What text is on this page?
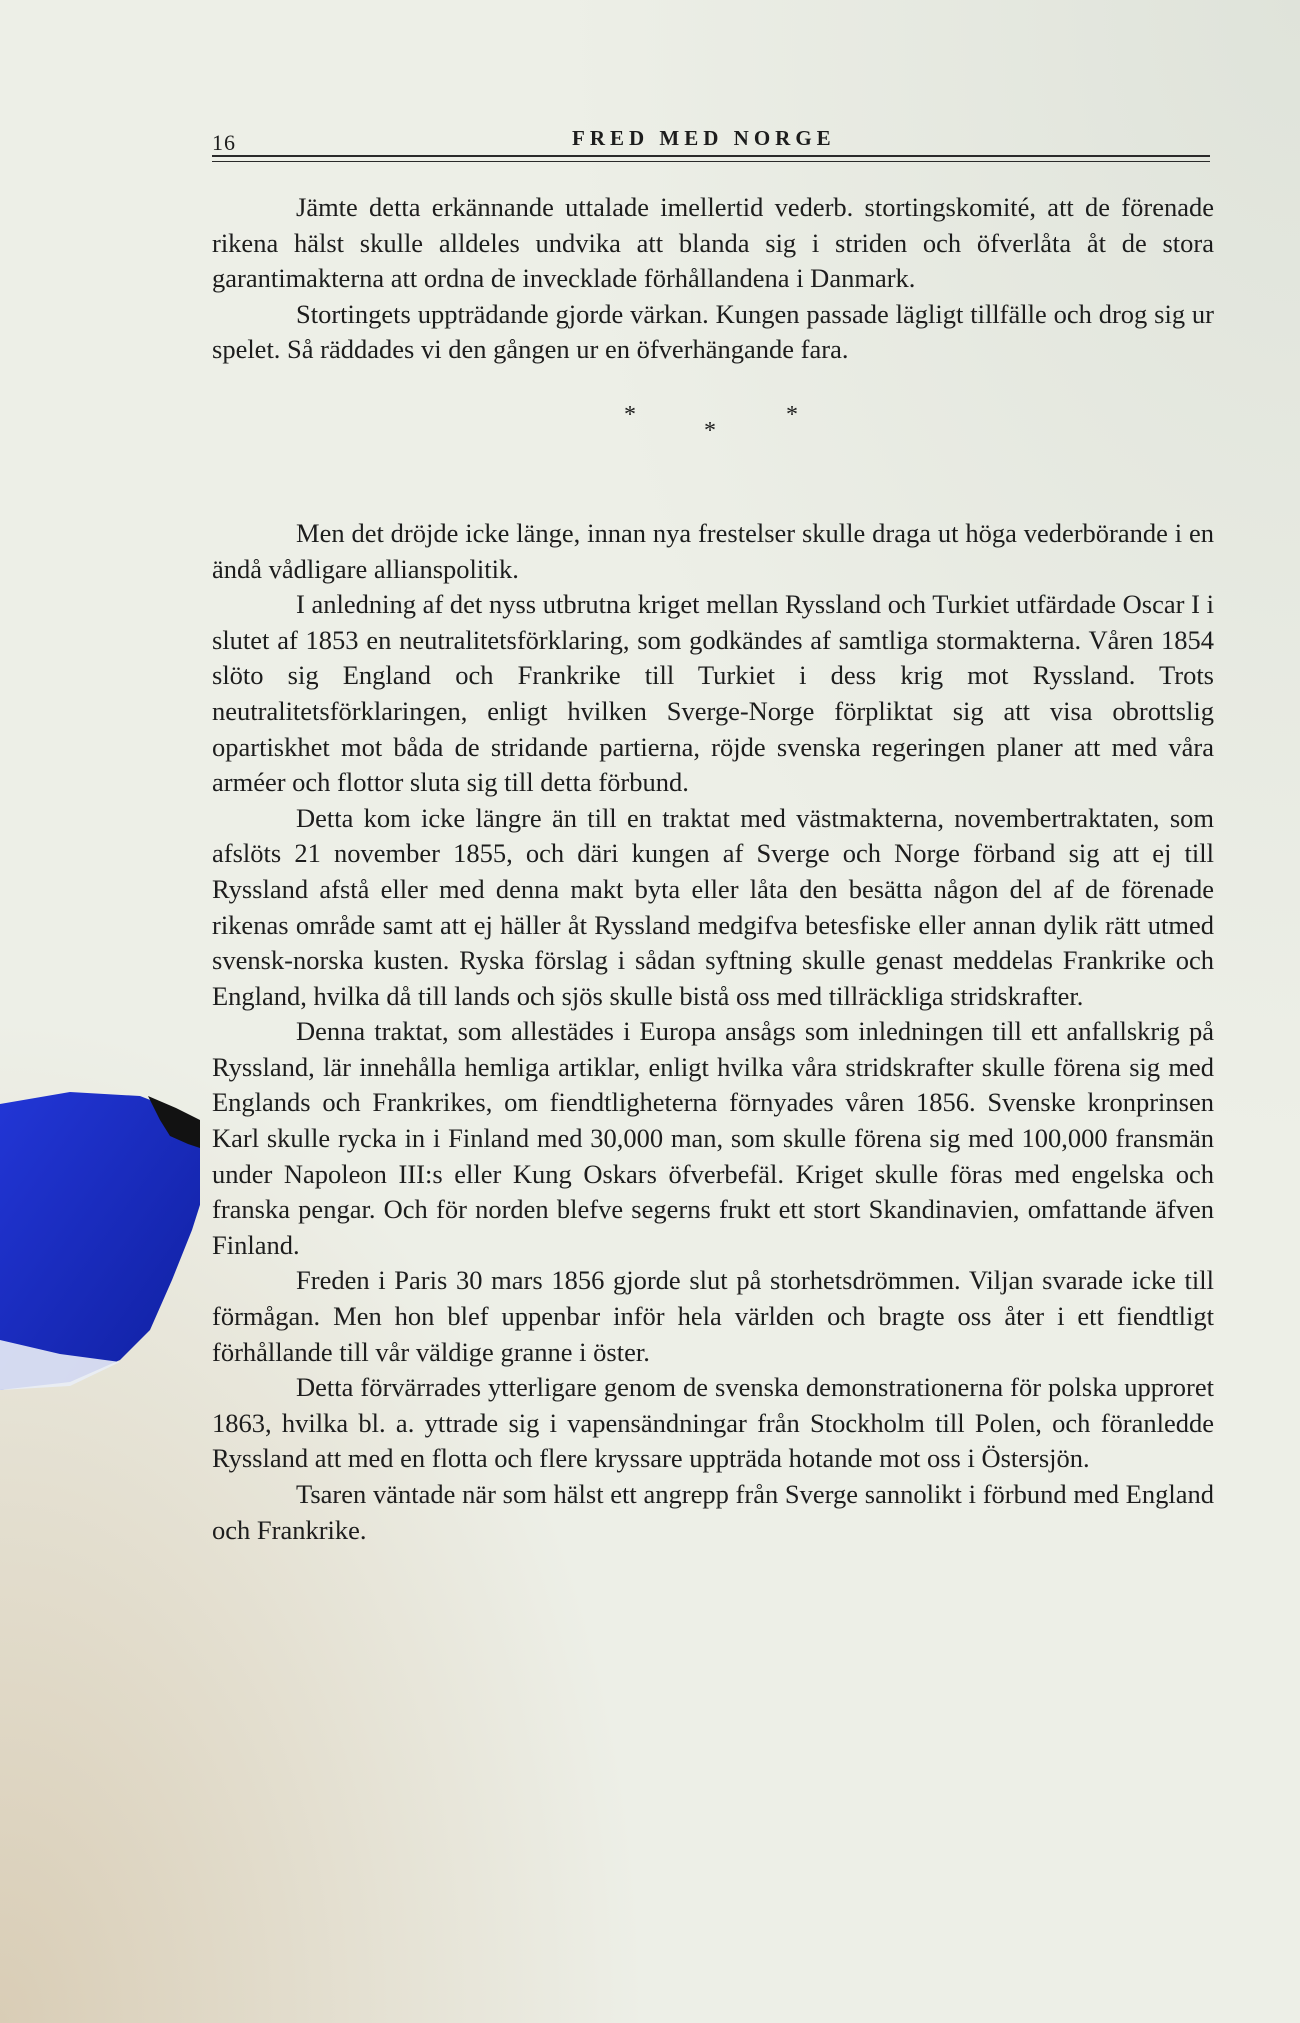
16	FRED MED NORGE

Jämte detta erkännande uttalade imellertid vederb. stortingskomité, att de förenade rikena hälst skulle alldeles undvika att blanda sig i striden och öfverlåta åt de stora garantimakterna att ordna de invecklade förhållandena i Danmark.

Stortingets uppträdande gjorde värkan. Kungen passade lägligt tillfälle och drog sig ur spelet. Så räddades vi den gången ur en öfverhängande fara.

*
*
*

Men det dröjde icke länge, innan nya frestelser skulle draga ut höga vederbörande i en ändå vådligare allianspolitik.

I anledning af det nyss utbrutna kriget mellan Ryssland och Turkiet utfärdade Oscar I i slutet af 1853 en neutralitetsförklaring, som godkändes af samtliga stormakterna. Våren 1854 slöto sig England och Frankrike till Turkiet i dess krig mot Ryssland. Trots neutralitetsförklaringen, enligt hvilken Sverge-Norge förpliktat sig att visa obrottslig opartiskhet mot båda de stridande partierna, röjde svenska regeringen planer att med våra arméer och flottor sluta sig till detta förbund.

Detta kom icke längre än till en traktat med västmakterna, novembertraktaten, som afslöts 21 november 1855, och däri kungen af Sverge och Norge förband sig att ej till Ryssland afstå eller med denna makt byta eller låta den besätta någon del af de förenade rikenas område samt att ej häller åt Ryssland medgifva betesfiske eller annan dylik rätt utmed svensk-norska kusten. Ryska förslag i sådan syftning skulle genast meddelas Frankrike och England, hvilka då till lands och sjös skulle bistå oss med tillräckliga stridskrafter.

Denna traktat, som allestädes i Europa ansågs som inledningen till ett anfallskrig på Ryssland, lär innehålla hemliga artiklar, enligt hvilka våra stridskrafter skulle förena sig med Englands och Frankrikes, om fiendtligheterna förnyades våren 1856. Svenske kronprinsen Karl skulle rycka in i Finland med 30,000 man, som skulle förena sig med 100,000 fransmän under Napoleon III:s eller Kung Oskars öfverbefäl. Kriget skulle föras med engelska och franska pengar. Och för norden blefve segerns frukt ett stort Skandinavien, omfattande äfven Finland.

Freden i Paris 30 mars 1856 gjorde slut på storhetsdrömmen. Viljan svarade icke till förmågan. Men hon blef uppenbar inför hela världen och bragte oss åter i ett fiendtligt förhållande till vår väldige granne i öster.

Detta förvärrades ytterligare genom de svenska demonstrationerna för polska upproret 1863, hvilka bl. a. yttrade sig i vapensändningar från Stockholm till Polen, och föranledde Ryssland att med en flotta och flere kryssare uppträda hotande mot oss i Östersjön.

Tsaren väntade när som hälst ett angrepp från Sverge sannolikt i förbund med England och Frankrike.
